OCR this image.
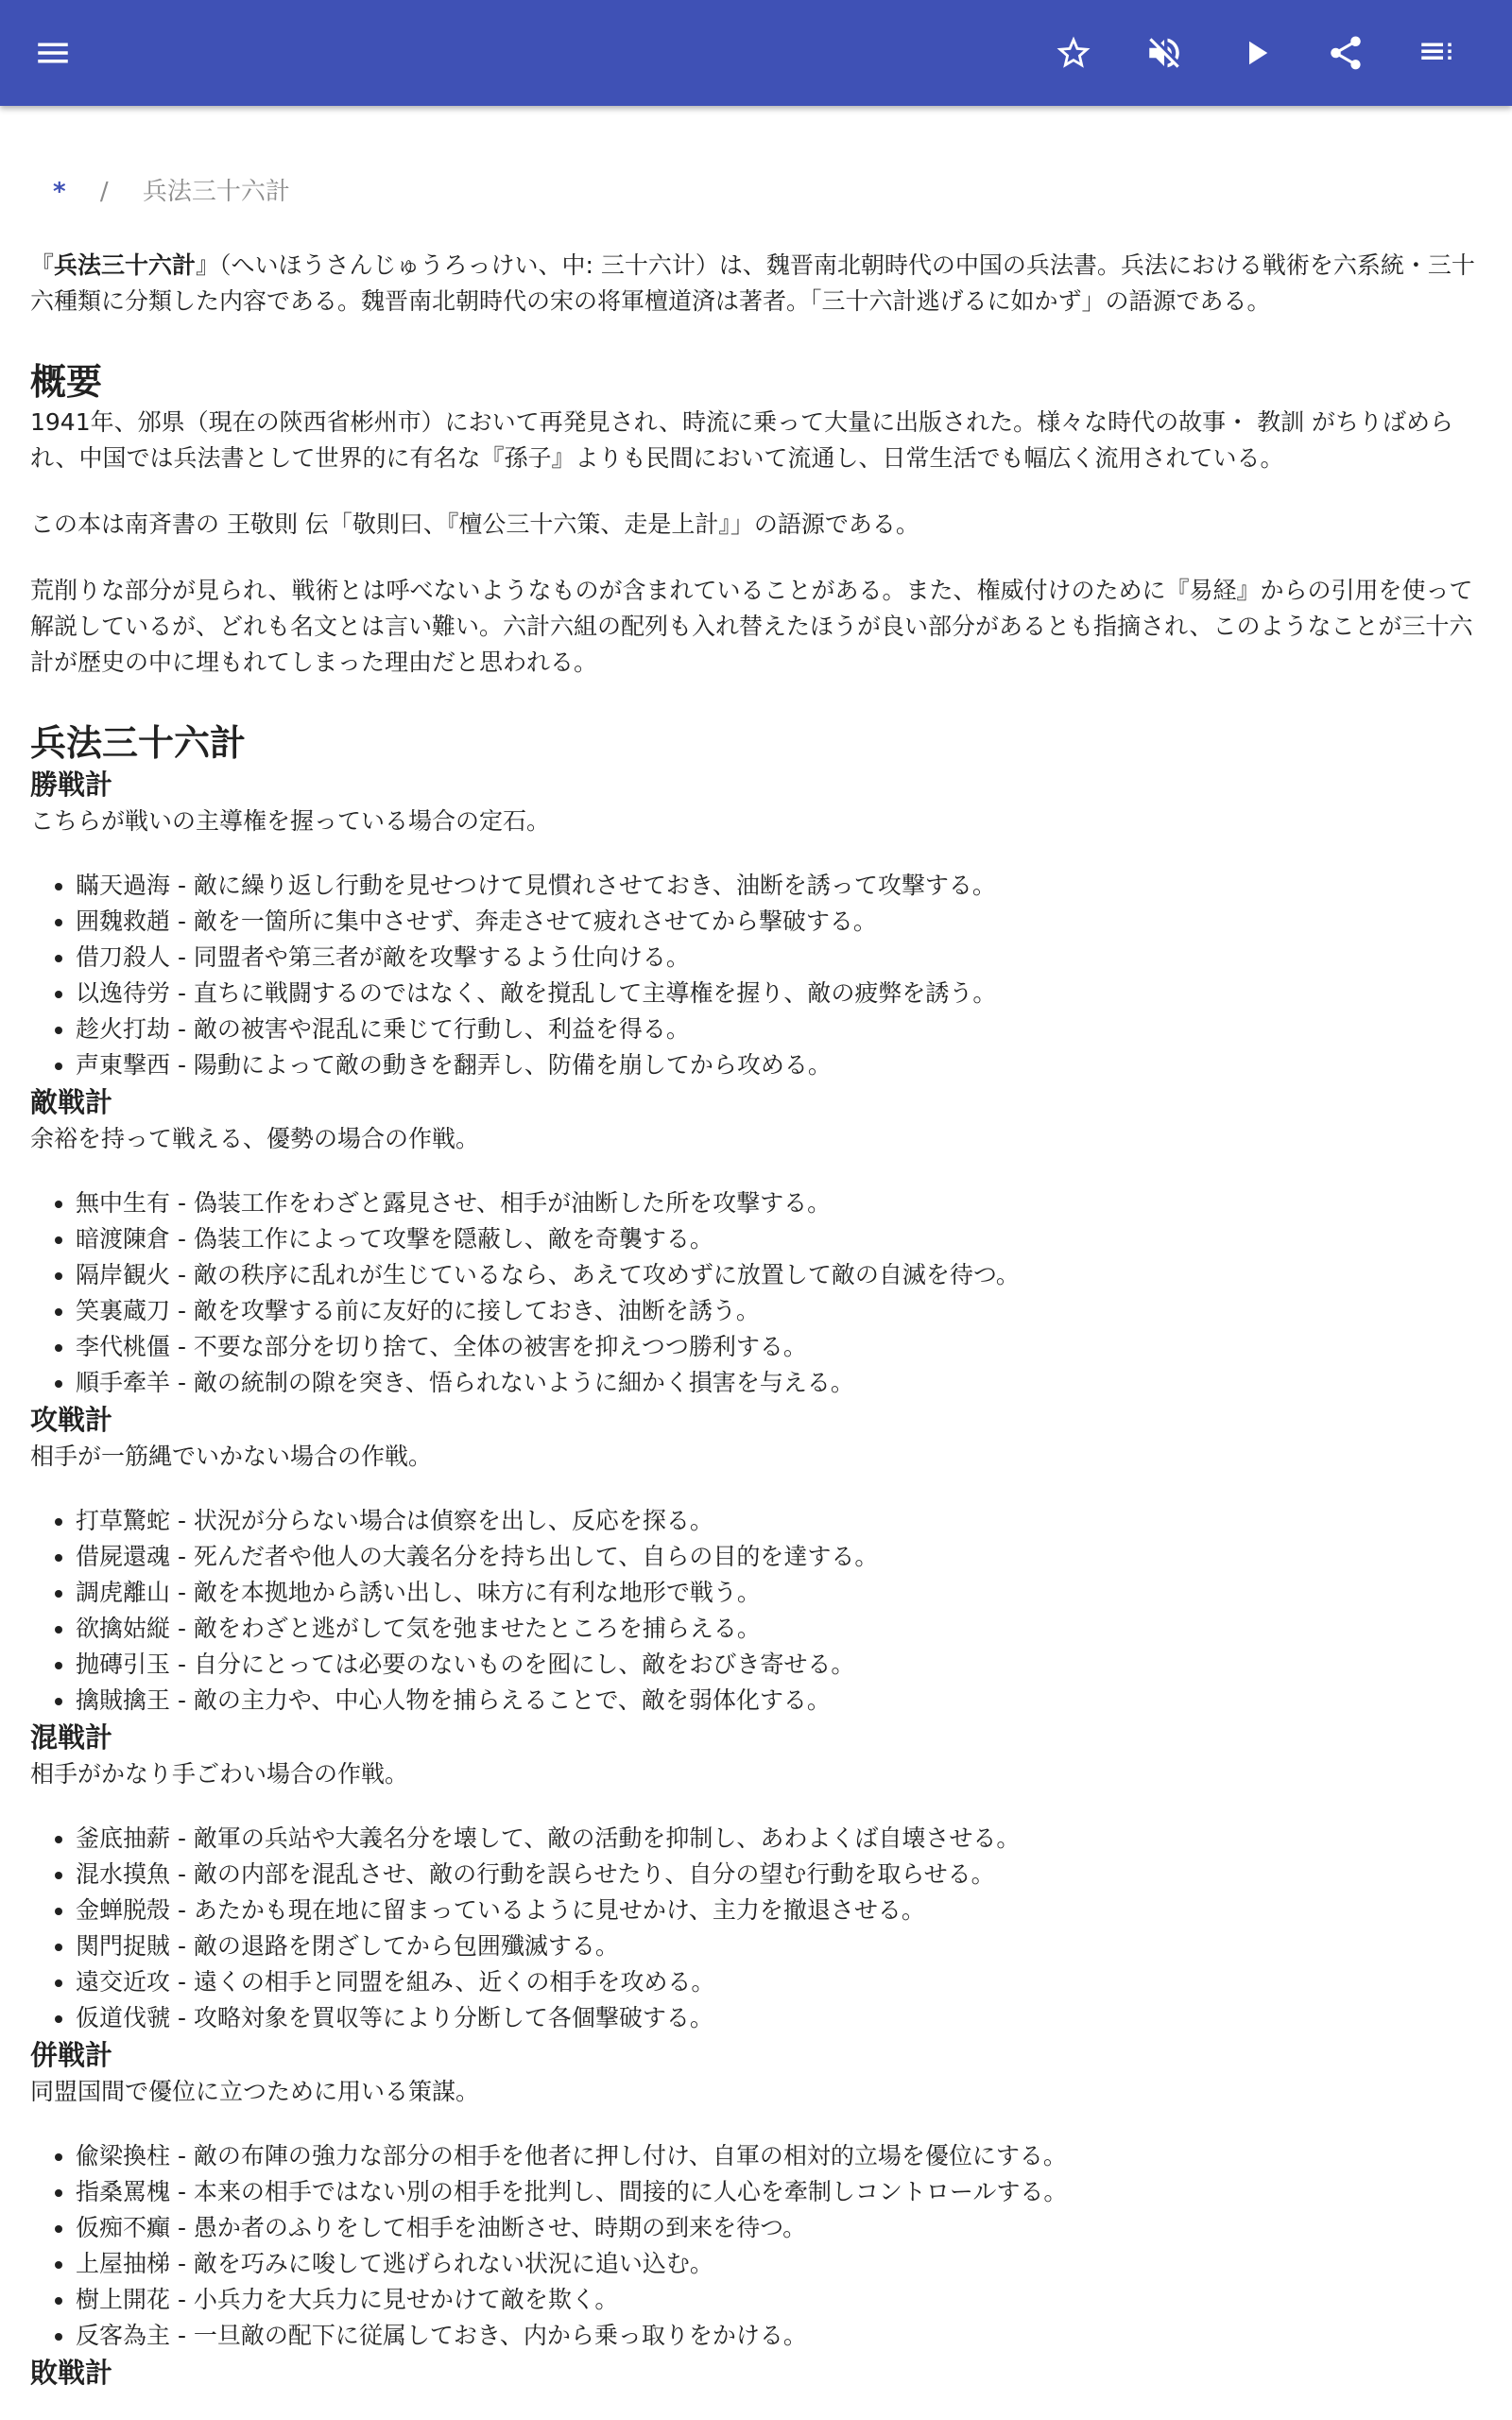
* / 兵法三十六計

『兵法三十六計』（へいほうさんじゅうろっけい、中: 三十六计）は、魏晋南北朝時代の中国の兵法書。兵法における戦術を六系統・三十六種類に分類した内容である。魏晋南北朝時代の宋の将軍檀道済は著者。「三十六計逃げるに如かず」の語源である。

概要

1941年、邠県（現在の陝西省彬州市）において再発見され、時流に乗って大量に出版された。様々な時代の故事・ 教訓 がちりばめられ、中国では兵法書として世界的に有名な『孫子』よりも民間において流通し、日常生活でも幅広く流用されている。

この本は南斉書の 王敬則 伝「敬則曰、『檀公三十六策、走是上計』」の語源である。

荒削りな部分が見られ、戦術とは呼べないようなものが含まれていることがある。また、権威付けのために『易経』からの引用を使って解説しているが、どれも名文とは言い難い。六計六組の配列も入れ替えたほうが良い部分があるとも指摘され、このようなことが三十六計が歴史の中に埋もれてしまった理由だと思われる。

兵法三十六計
勝戦計

こちらが戦いの主導権を握っている場合の定石。

• 瞞天過海 - 敵に繰り返し行動を見せつけて見慣れさせておき、油断を誘って攻撃する。
• 囲魏救趙 - 敵を一箇所に集中させず、奔走させて疲れさせてから撃破する。
• 借刀殺人 - 同盟者や第三者が敵を攻撃するよう仕向ける。
• 以逸待労 - 直ちに戦闘するのではなく、敵を撹乱して主導権を握り、敵の疲弊を誘う。
• 趁火打劫 - 敵の被害や混乱に乗じて行動し、利益を得る。
• 声東撃西 - 陽動によって敵の動きを翻弄し、防備を崩してから攻める。
敵戦計

余裕を持って戦える、優勢の場合の作戦。

• 無中生有 - 偽装工作をわざと露見させ、相手が油断した所を攻撃する。
• 暗渡陳倉 - 偽装工作によって攻撃を隠蔽し、敵を奇襲する。
• 隔岸観火 - 敵の秩序に乱れが生じているなら、あえて攻めずに放置して敵の自滅を待つ。
• 笑裏蔵刀 - 敵を攻撃する前に友好的に接しておき、油断を誘う。
• 李代桃僵 - 不要な部分を切り捨て、全体の被害を抑えつつ勝利する。
• 順手牽羊 - 敵の統制の隙を突き、悟られないように細かく損害を与える。
攻戦計

相手が一筋縄でいかない場合の作戦。

• 打草驚蛇 - 状況が分らない場合は偵察を出し、反応を探る。
• 借屍還魂 - 死んだ者や他人の大義名分を持ち出して、自らの目的を達する。
• 調虎離山 - 敵を本拠地から誘い出し、味方に有利な地形で戦う。
• 欲擒姑縦 - 敵をわざと逃がして気を弛ませたところを捕らえる。
• 抛磚引玉 - 自分にとっては必要のないものを囮にし、敵をおびき寄せる。
• 擒賊擒王 - 敵の主力や、中心人物を捕らえることで、敵を弱体化する。
混戦計

相手がかなり手ごわい場合の作戦。

• 釜底抽薪 - 敵軍の兵站や大義名分を壊して、敵の活動を抑制し、あわよくば自壊させる。
• 混水摸魚 - 敵の内部を混乱させ、敵の行動を誤らせたり、自分の望む行動を取らせる。
• 金蝉脱殻 - あたかも現在地に留まっているように見せかけ、主力を撤退させる。
• 関門捉賊 - 敵の退路を閉ざしてから包囲殲滅する。
• 遠交近攻 - 遠くの相手と同盟を組み、近くの相手を攻める。
• 仮道伐虢 - 攻略対象を買収等により分断して各個撃破する。
併戦計

同盟国間で優位に立つために用いる策謀。

• 偸梁換柱 - 敵の布陣の強力な部分の相手を他者に押し付け、自軍の相対的立場を優位にする。
• 指桑罵槐 - 本来の相手ではない別の相手を批判し、間接的に人心を牽制しコントロールする。
• 仮痴不癲 - 愚か者のふりをして相手を油断させ、時期の到来を待つ。
• 上屋抽梯 - 敵を巧みに唆して逃げられない状況に追い込む。
• 樹上開花 - 小兵力を大兵力に見せかけて敵を欺く。
• 反客為主 - 一旦敵の配下に従属しておき、内から乗っ取りをかける。
敗戦計
